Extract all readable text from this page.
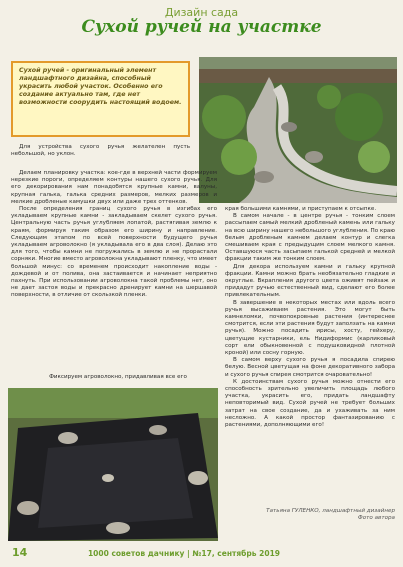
Дизайн сада
Сухой ручей на участке
Сухой ручей - оригинальный элемент ландшафтного дизайна, способный украсить любой участок. Особенно его создание актуально там, где нет возможности соорудить настоящий водоем.

Для устройства сухого ручья желателен пусть небольшой, но уклон.

Делаем планировку участка: кое-где в верхней части формируем нерезкие пороги, определяем контуры нашего сухого ручья. Для его декорирования нам понадобятся крупные камни, валуны, крупная галька, галька средних размеров, мелких размеров и мелкие дробленые камушки двух или даже трех оттенков.

После определения границ сухого ручья в изгибах его укладываем крупные камни - закладываем скелет сухого ручья. Центральную часть ручья углубляем лопатой, растягивая землю к краям, формируя таким образом его ширину и направление. Следующим этапом по всей поверхности будущего ручья укладываем агроволокно (я укладывала его в два слоя). Делаю это для того, чтобы камни не погружались в землю и не прорастали сорняки. Многие вместо агроволокна укладывают пленку, что имеет большой минус: со временем происходит накопление воды - дождевой и от полива, она застаивается и начинает неприятно пахнуть. При использовании агроволокна такой проблемы нет, оно не дает застоя воды и прекрасно дренирует камни на шершавой поверхности, в отличие от скользкой пленки.

Фиксируем агроволокно, придавливая все его

края большими камнями, и приступаем к отсыпке.

В самом начале - в центре ручья - тонким слоем рассыпаем самый мелкий дробленый камень или гальку на всю ширину нашего небольшого углубления. По краю белым дробленым камнем делаем контур и слегка смешиваем края с предыдущим слоем мелкого камня. Оставшуюся часть засыпаем галькой средней и мелкой фракции таким же тонким слоем.

Для декора используем камни и гальку крупной фракции. Камни можно брать необязательно гладкие и округлые. Вкрапления другого цвета оживят пейзаж и придадут ручью естественный вид, сделают его более привлекательным.

В завершение в некоторых местах или вдоль всего ручья высаживаем растения. Это могут быть камнеломки, почвопокровные растения (интереснее смотрится, если эти растения будут заползать на камни ручья). Можно посадить ирисы, хосту, гейхеру, цветущие кустарники, ель Нидиформис (карликовый сорт ели обыкновенной с подушковидной плотной кроной) или сосну горную.

В самом верху сухого ручья я посадила спирею белую. Весной цветущая на фоне декоративного забора и сухого ручья спирея смотрится очаровательно!

К достоинствам сухого ручья можно отнести его способность зрительно увеличить площадь любого участка, украсить его, придать ландшафту неповторимый вид. Сухой ручей не требует больших затрат на свое создание, да и ухаживать за ним несложно. А какой простор фантазированию с растениями, дополняющими его!

Татьяна ГУЛЕНКО, ландшафтный дизайнер
Фото автора
14	1000 советов дачнику | №17, сентябрь 2019
